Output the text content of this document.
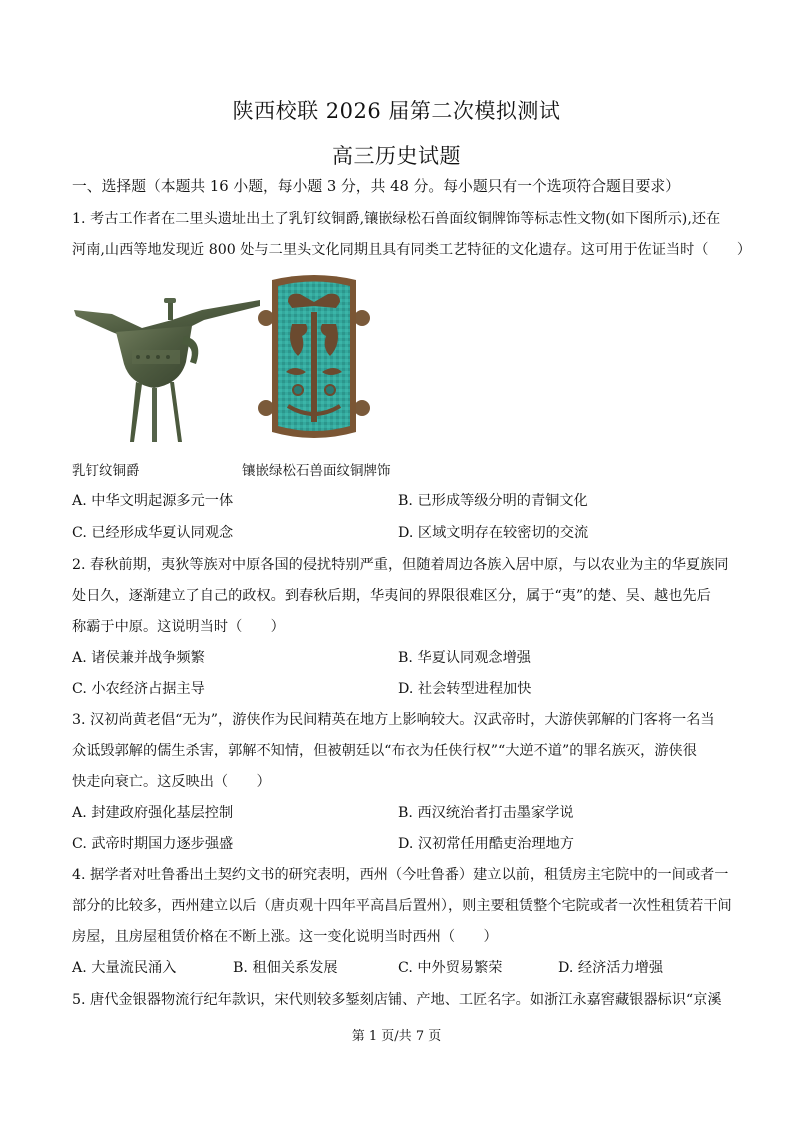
陕西校联 2026 届第二次模拟测试
高三历史试题
一、选择题（本题共 16 小题，每小题 3 分，共 48 分。每小题只有一个选项符合题目要求）
1. 考古工作者在二里头遗址出土了乳钉纹铜爵,镶嵌绿松石兽面纹铜牌饰等标志性文物(如下图所示),还在
河南,山西等地发现近 800 处与二里头文化同期且具有同类工艺特征的文化遗存。这可用于佐证当时（　　）
乳钉纹铜爵	镶嵌绿松石兽面纹铜牌饰
A. 中华文明起源多元一体	B. 已形成等级分明的青铜文化
C. 已经形成华夏认同观念	D. 区域文明存在较密切的交流
2. 春秋前期，夷狄等族对中原各国的侵扰特别严重，但随着周边各族入居中原，与以农业为主的华夏族同
处日久，逐渐建立了自己的政权。到春秋后期，华夷间的界限很难区分，属于“夷”的楚、吴、越也先后
称霸于中原。这说明当时（　　）
A. 诸侯兼并战争频繁	B. 华夏认同观念增强
C. 小农经济占据主导	D. 社会转型进程加快
3. 汉初尚黄老倡“无为”，游侠作为民间精英在地方上影响较大。汉武帝时，大游侠郭解的门客将一名当
众诋毁郭解的儒生杀害，郭解不知情，但被朝廷以“布衣为任侠行权”“大逆不道”的罪名族灭，游侠很
快走向衰亡。这反映出（　　）
A. 封建政府强化基层控制	B. 西汉统治者打击墨家学说
C. 武帝时期国力逐步强盛	D. 汉初常任用酷吏治理地方
4. 据学者对吐鲁番出土契约文书的研究表明，西州（今吐鲁番）建立以前，租赁房主宅院中的一间或者一
部分的比较多，西州建立以后（唐贞观十四年平高昌后置州），则主要租赁整个宅院或者一次性租赁若干间
房屋，且房屋租赁价格在不断上涨。这一变化说明当时西州（　　）
A. 大量流民涌入	B. 租佃关系发展	C. 中外贸易繁荣	D. 经济活力增强
5. 唐代金银器物流行纪年款识，宋代则较多錾刻店铺、产地、工匠名字。如浙江永嘉窖藏银器标识“京溪
第 1 页/共 7 页
